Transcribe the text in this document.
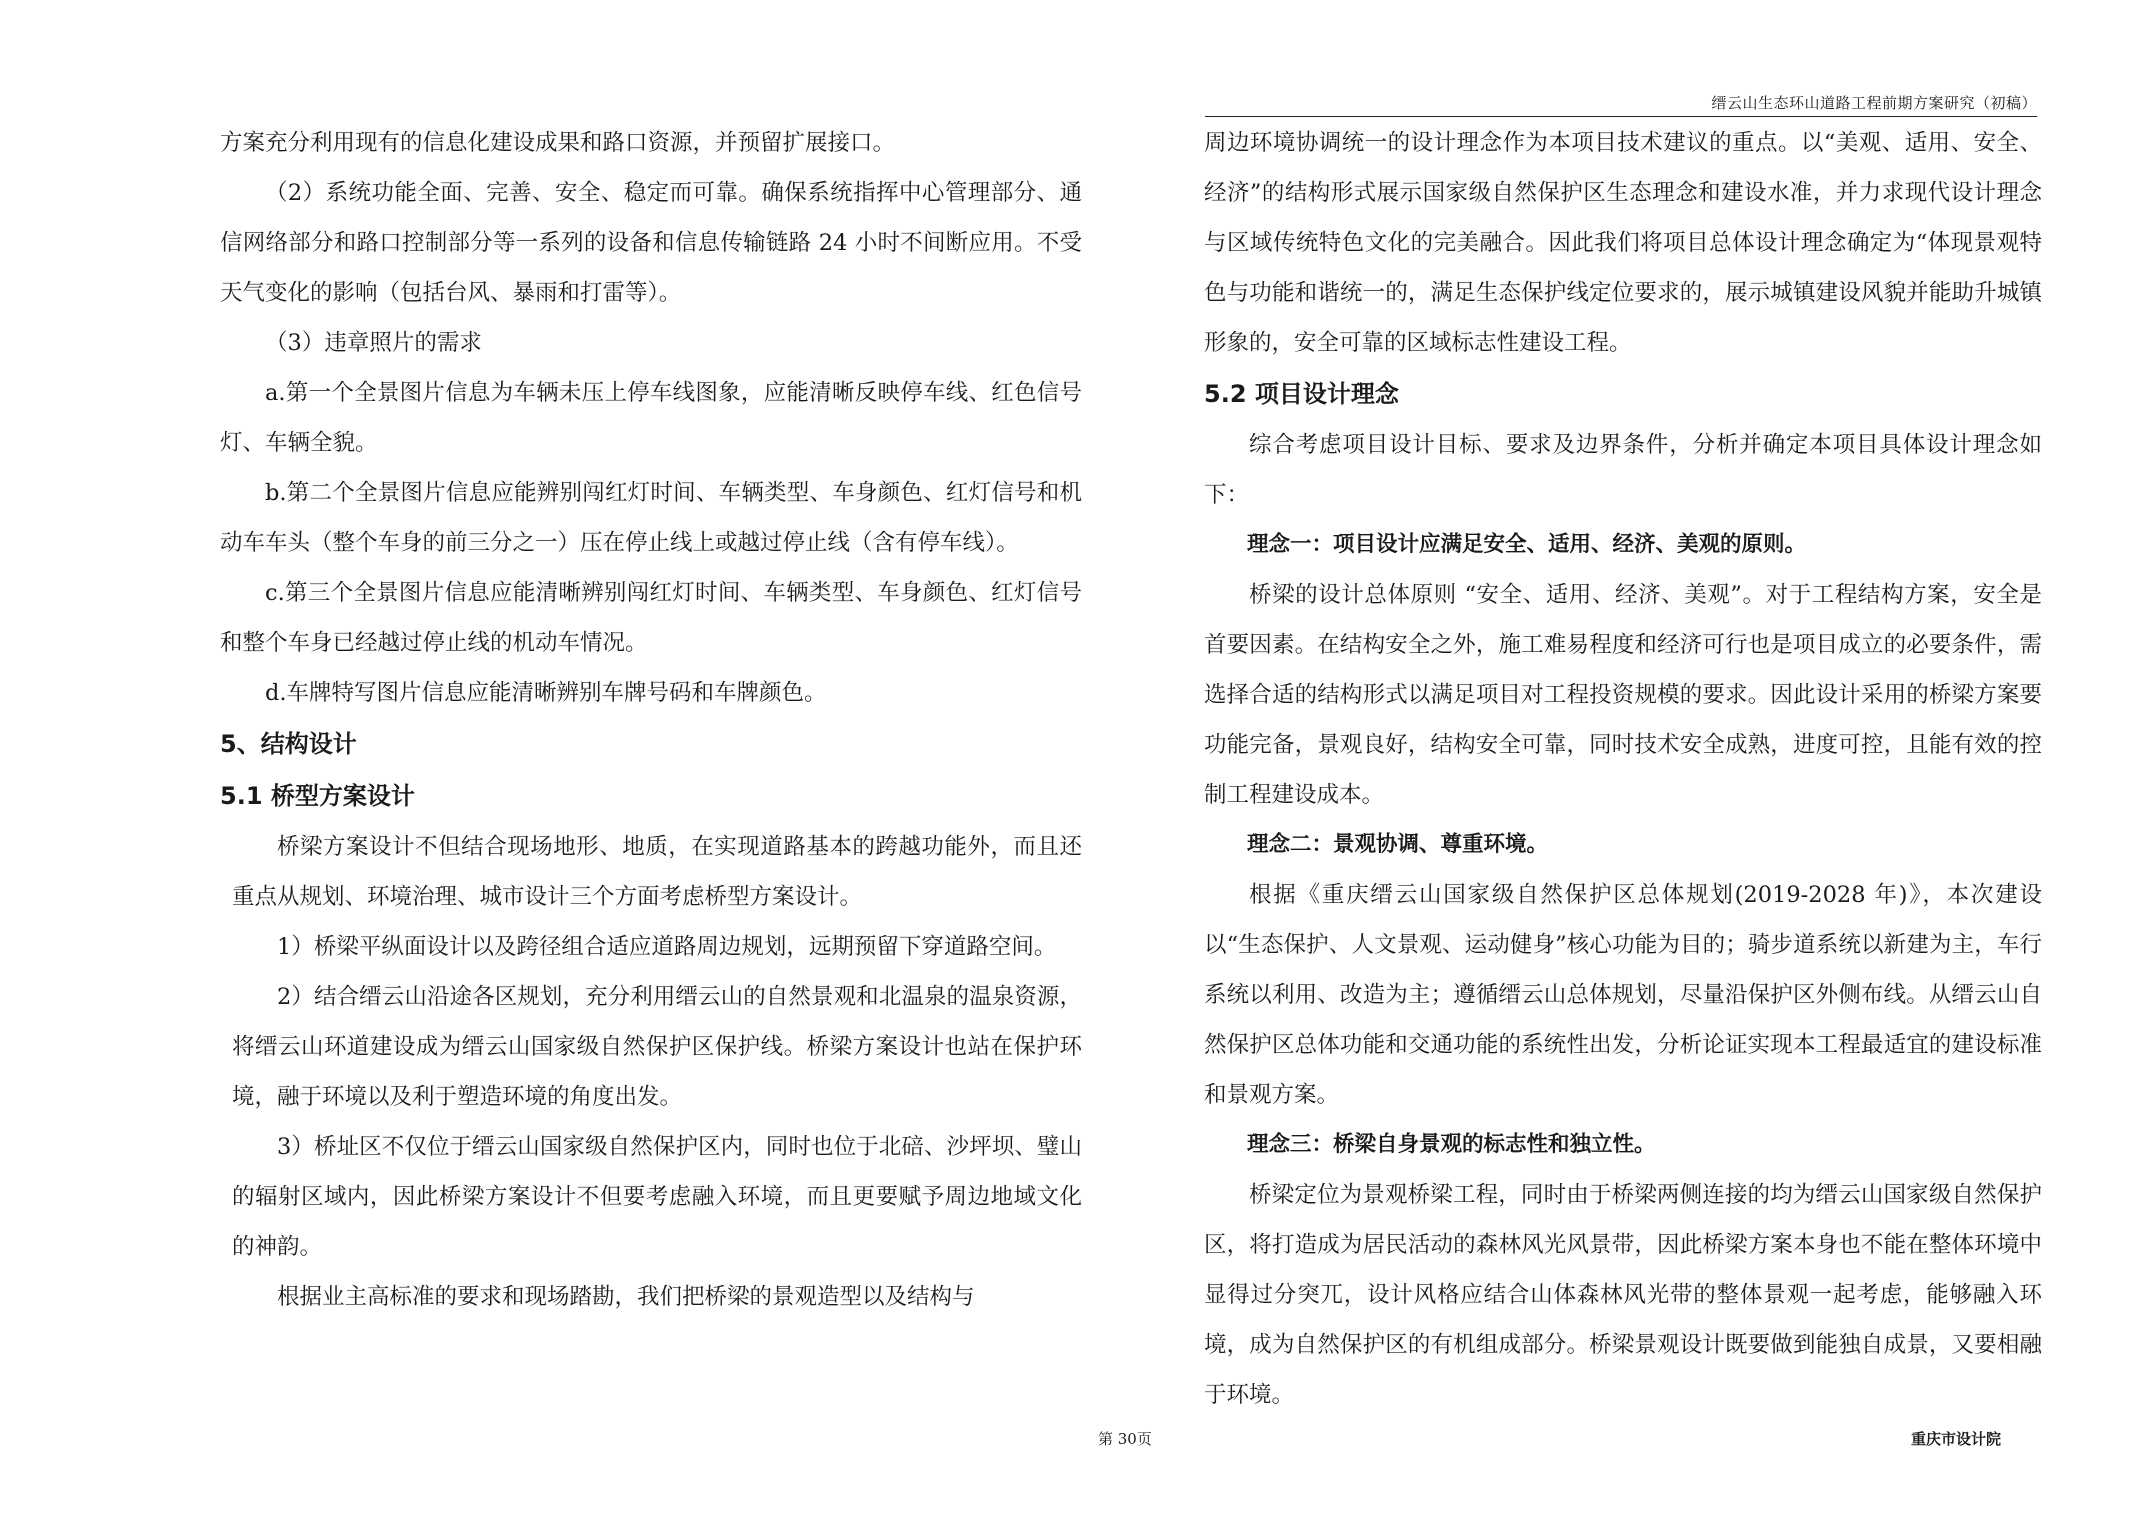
缙云山生态环山道路工程前期方案研究（初稿）

方案充分利用现有的信息化建设成果和路口资源，并预留扩展接口。

（2）系统功能全面、完善、安全、稳定而可靠。确保系统指挥中心管理部分、通信网络部分和路口控制部分等一系列的设备和信息传输链路 24 小时不间断应用。不受天气变化的影响（包括台风、暴雨和打雷等）。

（3）违章照片的需求

a.第一个全景图片信息为车辆未压上停车线图象，应能清晰反映停车线、红色信号灯、车辆全貌。

b.第二个全景图片信息应能辨别闯红灯时间、车辆类型、车身颜色、红灯信号和机动车车头（整个车身的前三分之一）压在停止线上或越过停止线（含有停车线）。

c.第三个全景图片信息应能清晰辨别闯红灯时间、车辆类型、车身颜色、红灯信号和整个车身已经越过停止线的机动车情况。

d.车牌特写图片信息应能清晰辨别车牌号码和车牌颜色。

5、结构设计

5.1 桥型方案设计

桥梁方案设计不但结合现场地形、地质，在实现道路基本的跨越功能外，而且还重点从规划、环境治理、城市设计三个方面考虑桥型方案设计。

1）桥梁平纵面设计以及跨径组合适应道路周边规划，远期预留下穿道路空间。

2）结合缙云山沿途各区规划，充分利用缙云山的自然景观和北温泉的温泉资源，将缙云山环道建设成为缙云山国家级自然保护区保护线。桥梁方案设计也站在保护环境，融于环境以及利于塑造环境的角度出发。

3）桥址区不仅位于缙云山国家级自然保护区内，同时也位于北碚、沙坪坝、璧山的辐射区域内，因此桥梁方案设计不但要考虑融入环境，而且更要赋予周边地域文化的神韵。

根据业主高标准的要求和现场踏勘，我们把桥梁的景观造型以及结构与

周边环境协调统一的设计理念作为本项目技术建议的重点。以“美观、适用、安全、经济”的结构形式展示国家级自然保护区生态理念和建设水准，并力求现代设计理念与区域传统特色文化的完美融合。因此我们将项目总体设计理念确定为“体现景观特色与功能和谐统一的，满足生态保护线定位要求的，展示城镇建设风貌并能助升城镇形象的，安全可靠的区域标志性建设工程。

5.2 项目设计理念

综合考虑项目设计目标、要求及边界条件，分析并确定本项目具体设计理念如下：

理念一：项目设计应满足安全、适用、经济、美观的原则。

桥梁的设计总体原则 “安全、适用、经济、美观”。对于工程结构方案，安全是首要因素。在结构安全之外，施工难易程度和经济可行也是项目成立的必要条件，需选择合适的结构形式以满足项目对工程投资规模的要求。因此设计采用的桥梁方案要功能完备，景观良好，结构安全可靠，同时技术安全成熟，进度可控，且能有效的控制工程建设成本。

理念二：景观协调、尊重环境。

根据《重庆缙云山国家级自然保护区总体规划(2019-2028 年)》，本次建设以“生态保护、人文景观、运动健身”核心功能为目的；骑步道系统以新建为主，车行系统以利用、改造为主；遵循缙云山总体规划，尽量沿保护区外侧布线。从缙云山自然保护区总体功能和交通功能的系统性出发，分析论证实现本工程最适宜的建设标准和景观方案。

理念三：桥梁自身景观的标志性和独立性。

桥梁定位为景观桥梁工程，同时由于桥梁两侧连接的均为缙云山国家级自然保护区，将打造成为居民活动的森林风光风景带，因此桥梁方案本身也不能在整体环境中显得过分突兀，设计风格应结合山体森林风光带的整体景观一起考虑，能够融入环境，成为自然保护区的有机组成部分。桥梁景观设计既要做到能独自成景，又要相融于环境。

第 30页	重庆市设计院
